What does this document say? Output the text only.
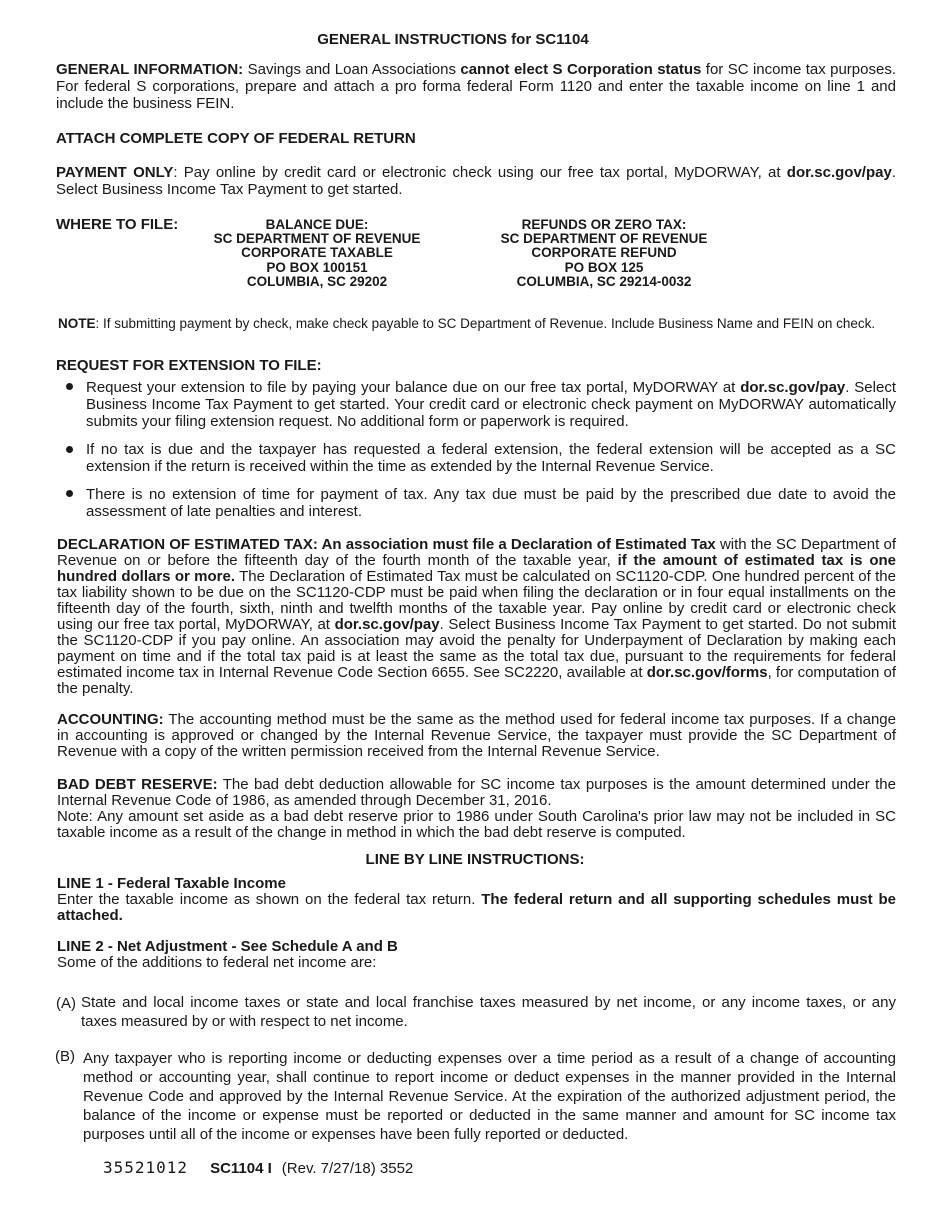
GENERAL INSTRUCTIONS for SC1104
GENERAL INFORMATION: Savings and Loan Associations cannot elect S Corporation status for SC income tax purposes. For federal S corporations, prepare and attach a pro forma federal Form 1120 and enter the taxable income on line 1 and include the business FEIN.
ATTACH COMPLETE COPY OF FEDERAL RETURN
PAYMENT ONLY: Pay online by credit card or electronic check using our free tax portal, MyDORWAY, at dor.sc.gov/pay. Select Business Income Tax Payment to get started.
WHERE TO FILE:	BALANCE DUE:
SC DEPARTMENT OF REVENUE
CORPORATE TAXABLE
PO BOX 100151
COLUMBIA, SC 29202
REFUNDS OR ZERO TAX:
SC DEPARTMENT OF REVENUE
CORPORATE REFUND
PO BOX 125
COLUMBIA, SC 29214-0032
NOTE: If submitting payment by check, make check payable to SC Department of Revenue. Include Business Name and FEIN on check.
REQUEST FOR EXTENSION TO FILE:
Request your extension to file by paying your balance due on our free tax portal, MyDORWAY at dor.sc.gov/pay. Select Business Income Tax Payment to get started. Your credit card or electronic check payment on MyDORWAY automatically submits your filing extension request. No additional form or paperwork is required.
If no tax is due and the taxpayer has requested a federal extension, the federal extension will be accepted as a SC extension if the return is received within the time as extended by the Internal Revenue Service.
There is no extension of time for payment of tax. Any tax due must be paid by the prescribed due date to avoid the assessment of late penalties and interest.
DECLARATION OF ESTIMATED TAX: An association must file a Declaration of Estimated Tax with the SC Department of Revenue on or before the fifteenth day of the fourth month of the taxable year, if the amount of estimated tax is one hundred dollars or more. The Declaration of Estimated Tax must be calculated on SC1120-CDP. One hundred percent of the tax liability shown to be due on the SC1120-CDP must be paid when filing the declaration or in four equal installments on the fifteenth day of the fourth, sixth, ninth and twelfth months of the taxable year. Pay online by credit card or electronic check using our free tax portal, MyDORWAY, at dor.sc.gov/pay. Select Business Income Tax Payment to get started. Do not submit the SC1120-CDP if you pay online. An association may avoid the penalty for Underpayment of Declaration by making each payment on time and if the total tax paid is at least the same as the total tax due, pursuant to the requirements for federal estimated income tax in Internal Revenue Code Section 6655. See SC2220, available at dor.sc.gov/forms, for computation of the penalty.
ACCOUNTING: The accounting method must be the same as the method used for federal income tax purposes. If a change in accounting is approved or changed by the Internal Revenue Service, the taxpayer must provide the SC Department of Revenue with a copy of the written permission received from the Internal Revenue Service.
BAD DEBT RESERVE: The bad debt deduction allowable for SC income tax purposes is the amount determined under the Internal Revenue Code of 1986, as amended through December 31, 2016.
Note: Any amount set aside as a bad debt reserve prior to 1986 under South Carolina's prior law may not be included in SC taxable income as a result of the change in method in which the bad debt reserve is computed.
LINE BY LINE INSTRUCTIONS:
LINE 1 - Federal Taxable Income
Enter the taxable income as shown on the federal tax return. The federal return and all supporting schedules must be attached.
LINE 2 - Net Adjustment - See Schedule A and B
Some of the additions to federal net income are:
(A) State and local income taxes or state and local franchise taxes measured by net income, or any income taxes, or any taxes measured by or with respect to net income.
(B) Any taxpayer who is reporting income or deducting expenses over a time period as a result of a change of accounting method or accounting year, shall continue to report income or deduct expenses in the manner provided in the Internal Revenue Code and approved by the Internal Revenue Service. At the expiration of the authorized adjustment period, the balance of the income or expense must be reported or deducted in the same manner and amount for SC income tax purposes until all of the income or expenses have been fully reported or deducted.
35521012 SC1104 I (Rev. 7/27/18) 3552
